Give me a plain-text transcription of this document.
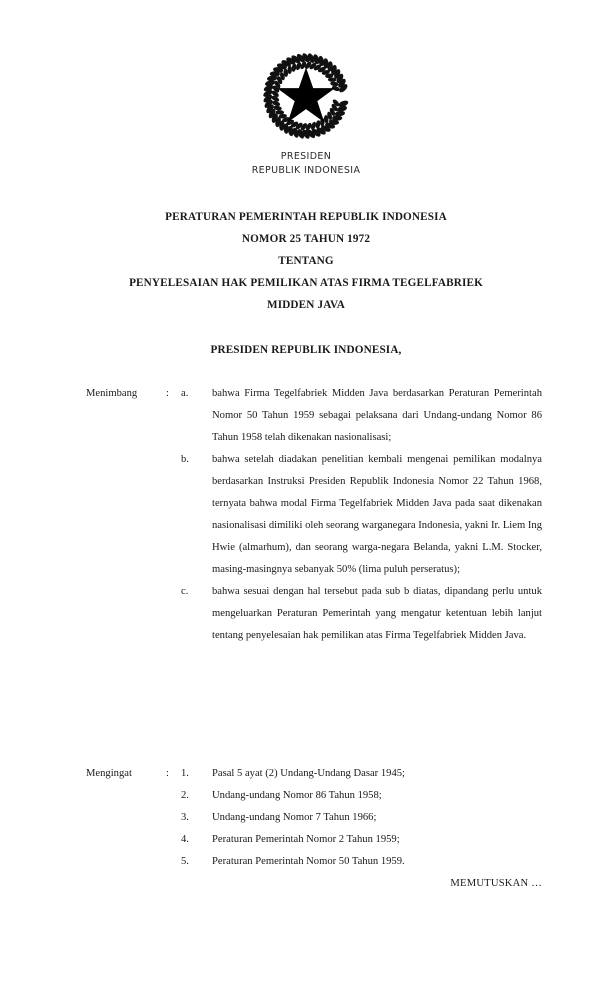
PRESIDEN
REPUBLIK INDONESIA
PERATURAN PEMERINTAH REPUBLIK INDONESIA
NOMOR 25 TAHUN 1972
TENTANG
PENYELESAIAN HAK PEMILIKAN ATAS FIRMA TEGELFABRIEK
MIDDEN JAVA
PRESIDEN REPUBLIK INDONESIA,
Menimbang	:	a.	bahwa Firma Tegelfabriek Midden Java berdasarkan Peraturan Pemerintah Nomor 50 Tahun 1959 sebagai pelaksana dari Undang-undang Nomor 86 Tahun 1958 telah dikenakan nasionalisasi;
b.	bahwa setelah diadakan penelitian kembali mengenai pemilikan modalnya berdasarkan Instruksi Presiden Republik Indonesia Nomor 22 Tahun 1968, ternyata bahwa modal Firma Tegelfabriek Midden Java pada saat dikenakan nasionalisasi dimiliki oleh seorang warganegara Indonesia, yakni Ir. Liem Ing Hwie (almarhum), dan seorang warga-negara Belanda, yakni L.M. Stocker, masing-masingnya sebanyak 50% (lima puluh perseratus);
c.	bahwa sesuai dengan hal tersebut pada sub b diatas, dipandang perlu untuk mengeluarkan Peraturan Pemerintah yang mengatur ketentuan lebih lanjut tentang penyelesaian hak pemilikan atas Firma Tegelfabriek Midden Java.
Mengingat	:	1.	Pasal 5 ayat (2) Undang-Undang Dasar 1945;
2.	Undang-undang Nomor 86 Tahun 1958;
3.	Undang-undang Nomor 7 Tahun 1966;
4.	Peraturan Pemerintah Nomor 2 Tahun 1959;
5.	Peraturan Pemerintah Nomor 50 Tahun 1959.
MEMUTUSKAN …
